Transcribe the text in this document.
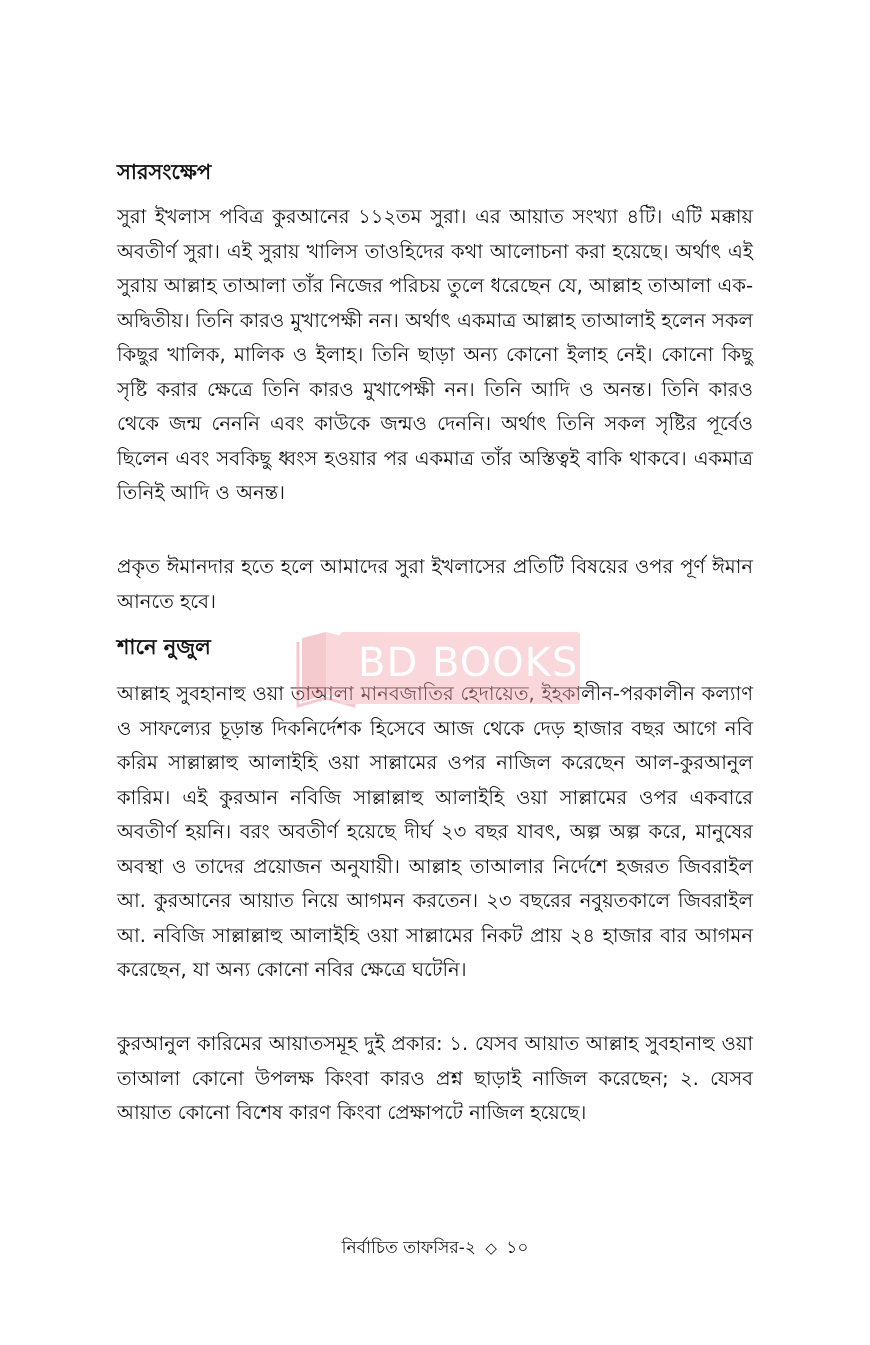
সারসংক্ষেপ

সুরা ইখলাস পবিত্র কুরআনের ১১২তম সুরা। এর আয়াত সংখ্যা ৪টি। এটি মক্কায় অবতীর্ণ সুরা। এই সুরায় খালিস তাওহিদের কথা আলোচনা করা হয়েছে। অর্থাৎ এই সুরায় আল্লাহ তাআলা তাঁর নিজের পরিচয় তুলে ধরেছেন যে, আল্লাহ তাআলা এক-অদ্বিতীয়। তিনি কারও মুখাপেক্ষী নন। অর্থাৎ একমাত্র আল্লাহ তাআলাই হলেন সকল কিছুর খালিক, মালিক ও ইলাহ। তিনি ছাড়া অন্য কোনো ইলাহ নেই। কোনো কিছু সৃষ্টি করার ক্ষেত্রে তিনি কারও মুখাপেক্ষী নন। তিনি আদি ও অনন্ত। তিনি কারও থেকে জন্ম নেননি এবং কাউকে জন্মও দেননি। অর্থাৎ তিনি সকল সৃষ্টির পূর্বেও ছিলেন এবং সবকিছু ধ্বংস হওয়ার পর একমাত্র তাঁর অস্তিত্বই বাকি থাকবে। একমাত্র তিনিই আদি ও অনন্ত।

প্রকৃত ঈমানদার হতে হলে আমাদের সুরা ইখলাসের প্রতিটি বিষয়ের ওপর পূর্ণ ঈমান আনতে হবে।

শানে নুজুল

আল্লাহ সুবহানাহু ওয়া তাআলা মানবজাতির হেদায়েত, ইহকালীন-পরকালীন কল্যাণ ও সাফল্যের চূড়ান্ত দিকনির্দেশক হিসেবে আজ থেকে দেড় হাজার বছর আগে নবি করিম সাল্লাল্লাহু আলাইহি ওয়া সাল্লামের ওপর নাজিল করেছেন আল-কুরআনুল কারিম। এই কুরআন নবিজি সাল্লাল্লাহু আলাইহি ওয়া সাল্লামের ওপর একবারে অবতীর্ণ হয়নি। বরং অবতীর্ণ হয়েছে দীর্ঘ ২৩ বছর যাবৎ, অল্প অল্প করে, মানুষের অবস্থা ও তাদের প্রয়োজন অনুযায়ী। আল্লাহ তাআলার নির্দেশে হজরত জিবরাইল আ. কুরআনের আয়াত নিয়ে আগমন করতেন। ২৩ বছরের নবুয়তকালে জিবরাইল আ. নবিজি সাল্লাল্লাহু আলাইহি ওয়া সাল্লামের নিকট প্রায় ২৪ হাজার বার আগমন করেছেন, যা অন্য কোনো নবির ক্ষেত্রে ঘটেনি।

কুরআনুল কারিমের আয়াতসমূহ দুই প্রকার: ১. যেসব আয়াত আল্লাহ সুবহানাহু ওয়া তাআলা কোনো উপলক্ষ কিংবা কারও প্রশ্ন ছাড়াই নাজিল করেছেন; ২. যেসব আয়াত কোনো বিশেষ কারণ কিংবা প্রেক্ষাপটে নাজিল হয়েছে।

BD BOOKS
নির্বাচিত তাফসির-২ ◇ ১০
